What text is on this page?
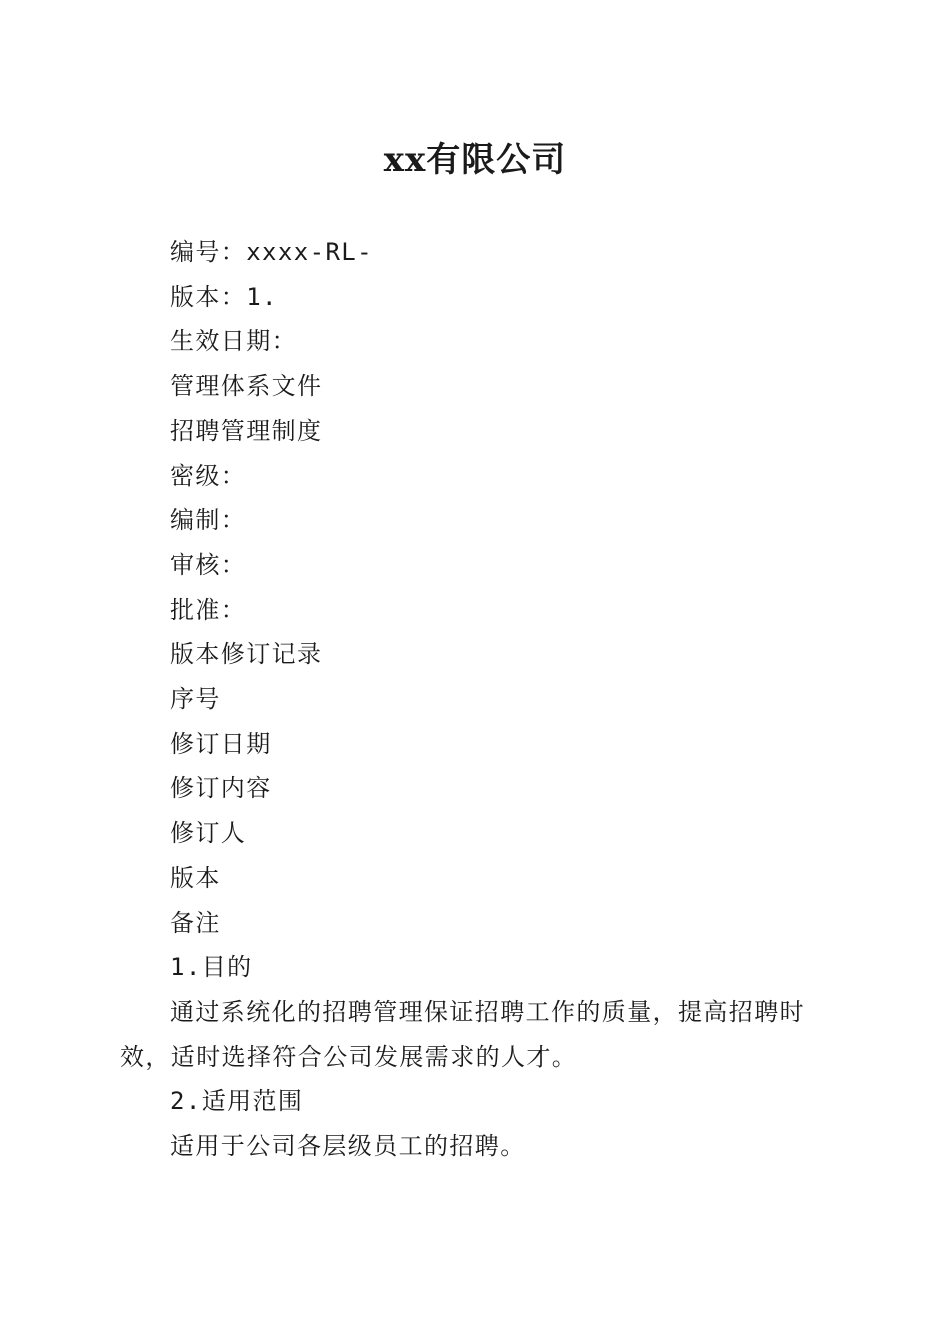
xx有限公司

编号：xxxx-RL-

版本：1.

生效日期：

管理体系文件

招聘管理制度

密级：

编制：

审核：

批准：

版本修订记录

序号

修订日期

修订内容

修订人

版本

备注

1.目的

通过系统化的招聘管理保证招聘工作的质量，提高招聘时效，适时选择符合公司发展需求的人才。

2.适用范围

适用于公司各层级员工的招聘。
